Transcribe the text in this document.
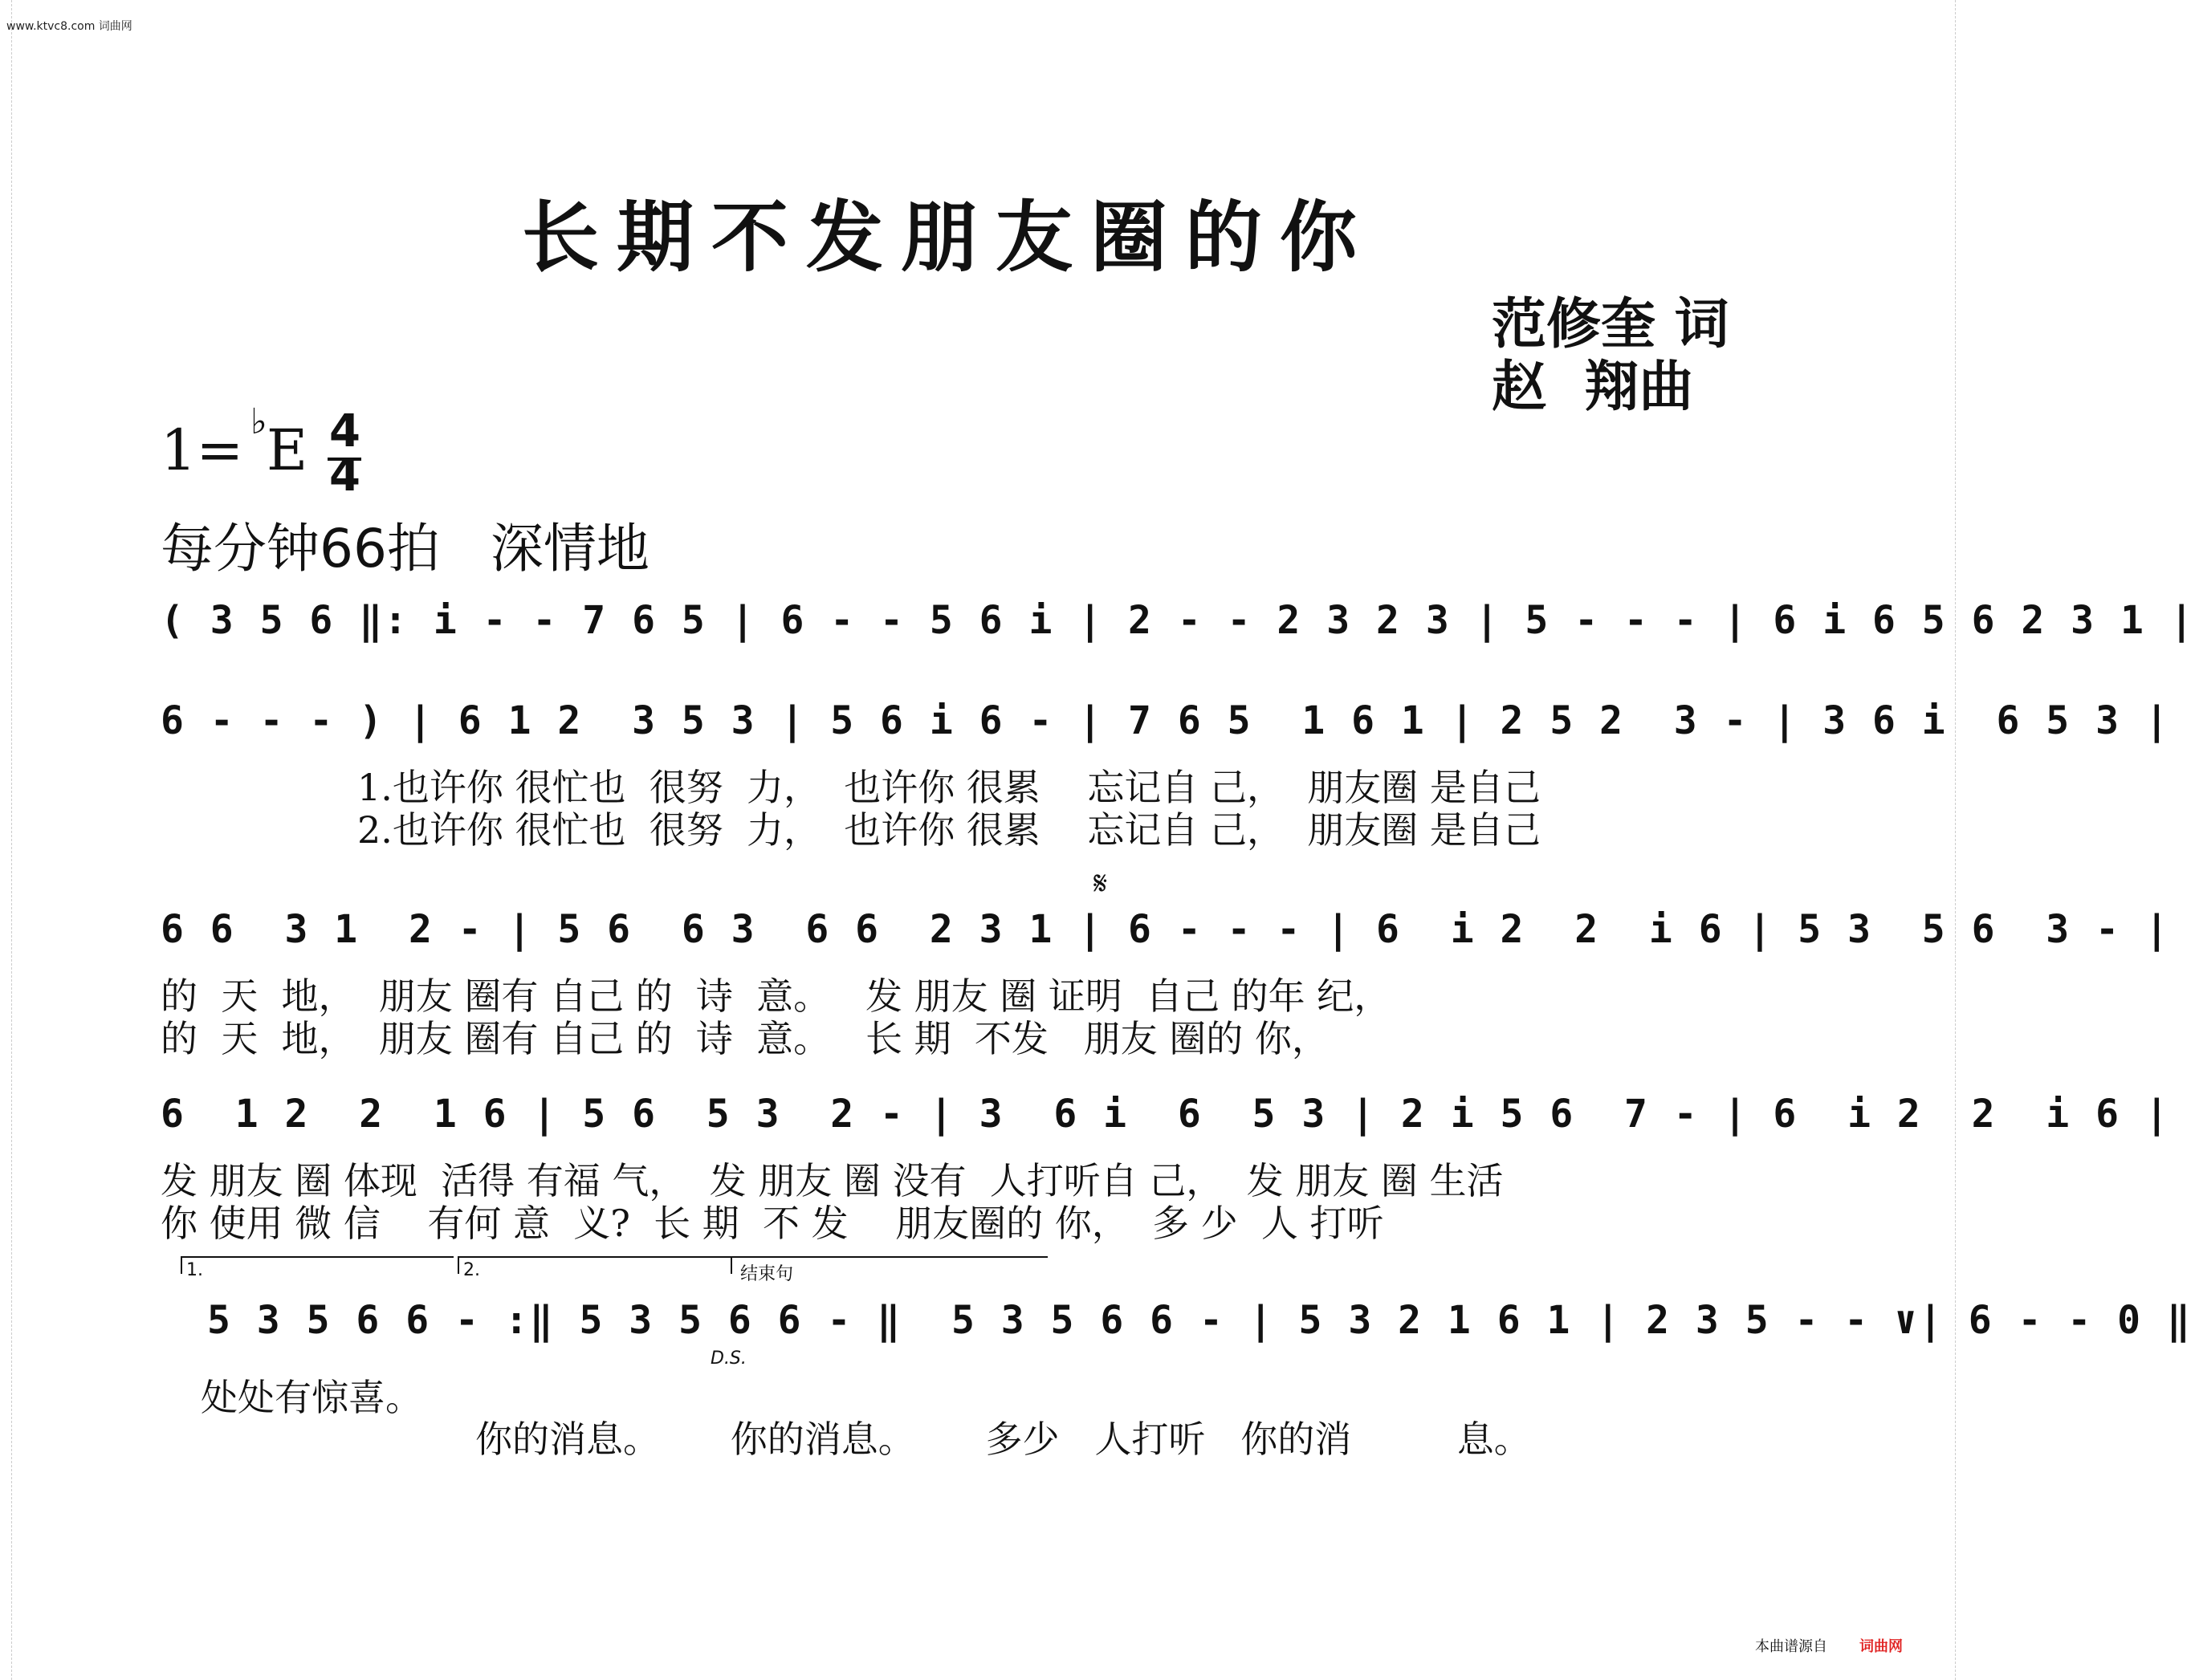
www.ktvc8.com 词曲网
长期不发朋友圈的你
范修奎 词
赵  翔曲
1= ♭ E 4
4
每分钟66拍   深情地
( 3 5 6 ‖: i - - 7 6 5 | 6 - - 5 6 i | 2 - - 2 3 2 3 | 5 - - - | 6 i 6 5 6 2 3 1 |
6 - - - ) | 6 1 2  3 5 3 | 5 6 i 6 - | 7 6 5  1 6 1 | 2 5 2  3 - | 3 6 i  6 5 3 |
1.也许你 很忙也  很努  力，  也许你 很累    忘记自 己，  朋友圈 是自己
2.也许你 很忙也  很努  力，  也许你 很累    忘记自 己，  朋友圈 是自己
𝄋
6 6  3 1  2 - | 5 6  6 3  6 6  2 3 1 | 6 - - - | 6  i 2  2  i 6 | 5 3  5 6  3 - |
的  天  地，  朋友 圈有 自己 的  诗  意。   发 朋友 圈 证明  自己 的年 纪，
的  天  地，  朋友 圈有 自己 的  诗  意。   长 期  不发   朋友 圈的 你，
6  1 2  2  1 6 | 5 6  5 3  2 - | 3  6 i  6  5 3 | 2 i 5 6  7 - | 6  i 2  2  i 6 |
发 朋友 圈 体现  活得 有福 气，  发 朋友 圈 没有  人打听自 己，  发 朋友 圈 生活
你 使用 微 信    有何 意  义?  长 期  不 发    朋友圈的 你，  多 少  人 打听
1.	2.	结束句
5 3 5 6 6 - :‖ 5 3 5 6 6 - ‖  5 3 5 6 6 - | 5 3 2 1 6 1 | 2 3 5 - - ∨| 6 - - 0 ‖
D.S.
处处有惊喜。
你的消息。      你的消息。      多少   人打听   你的消         息。

本曲谱源自 词曲网
